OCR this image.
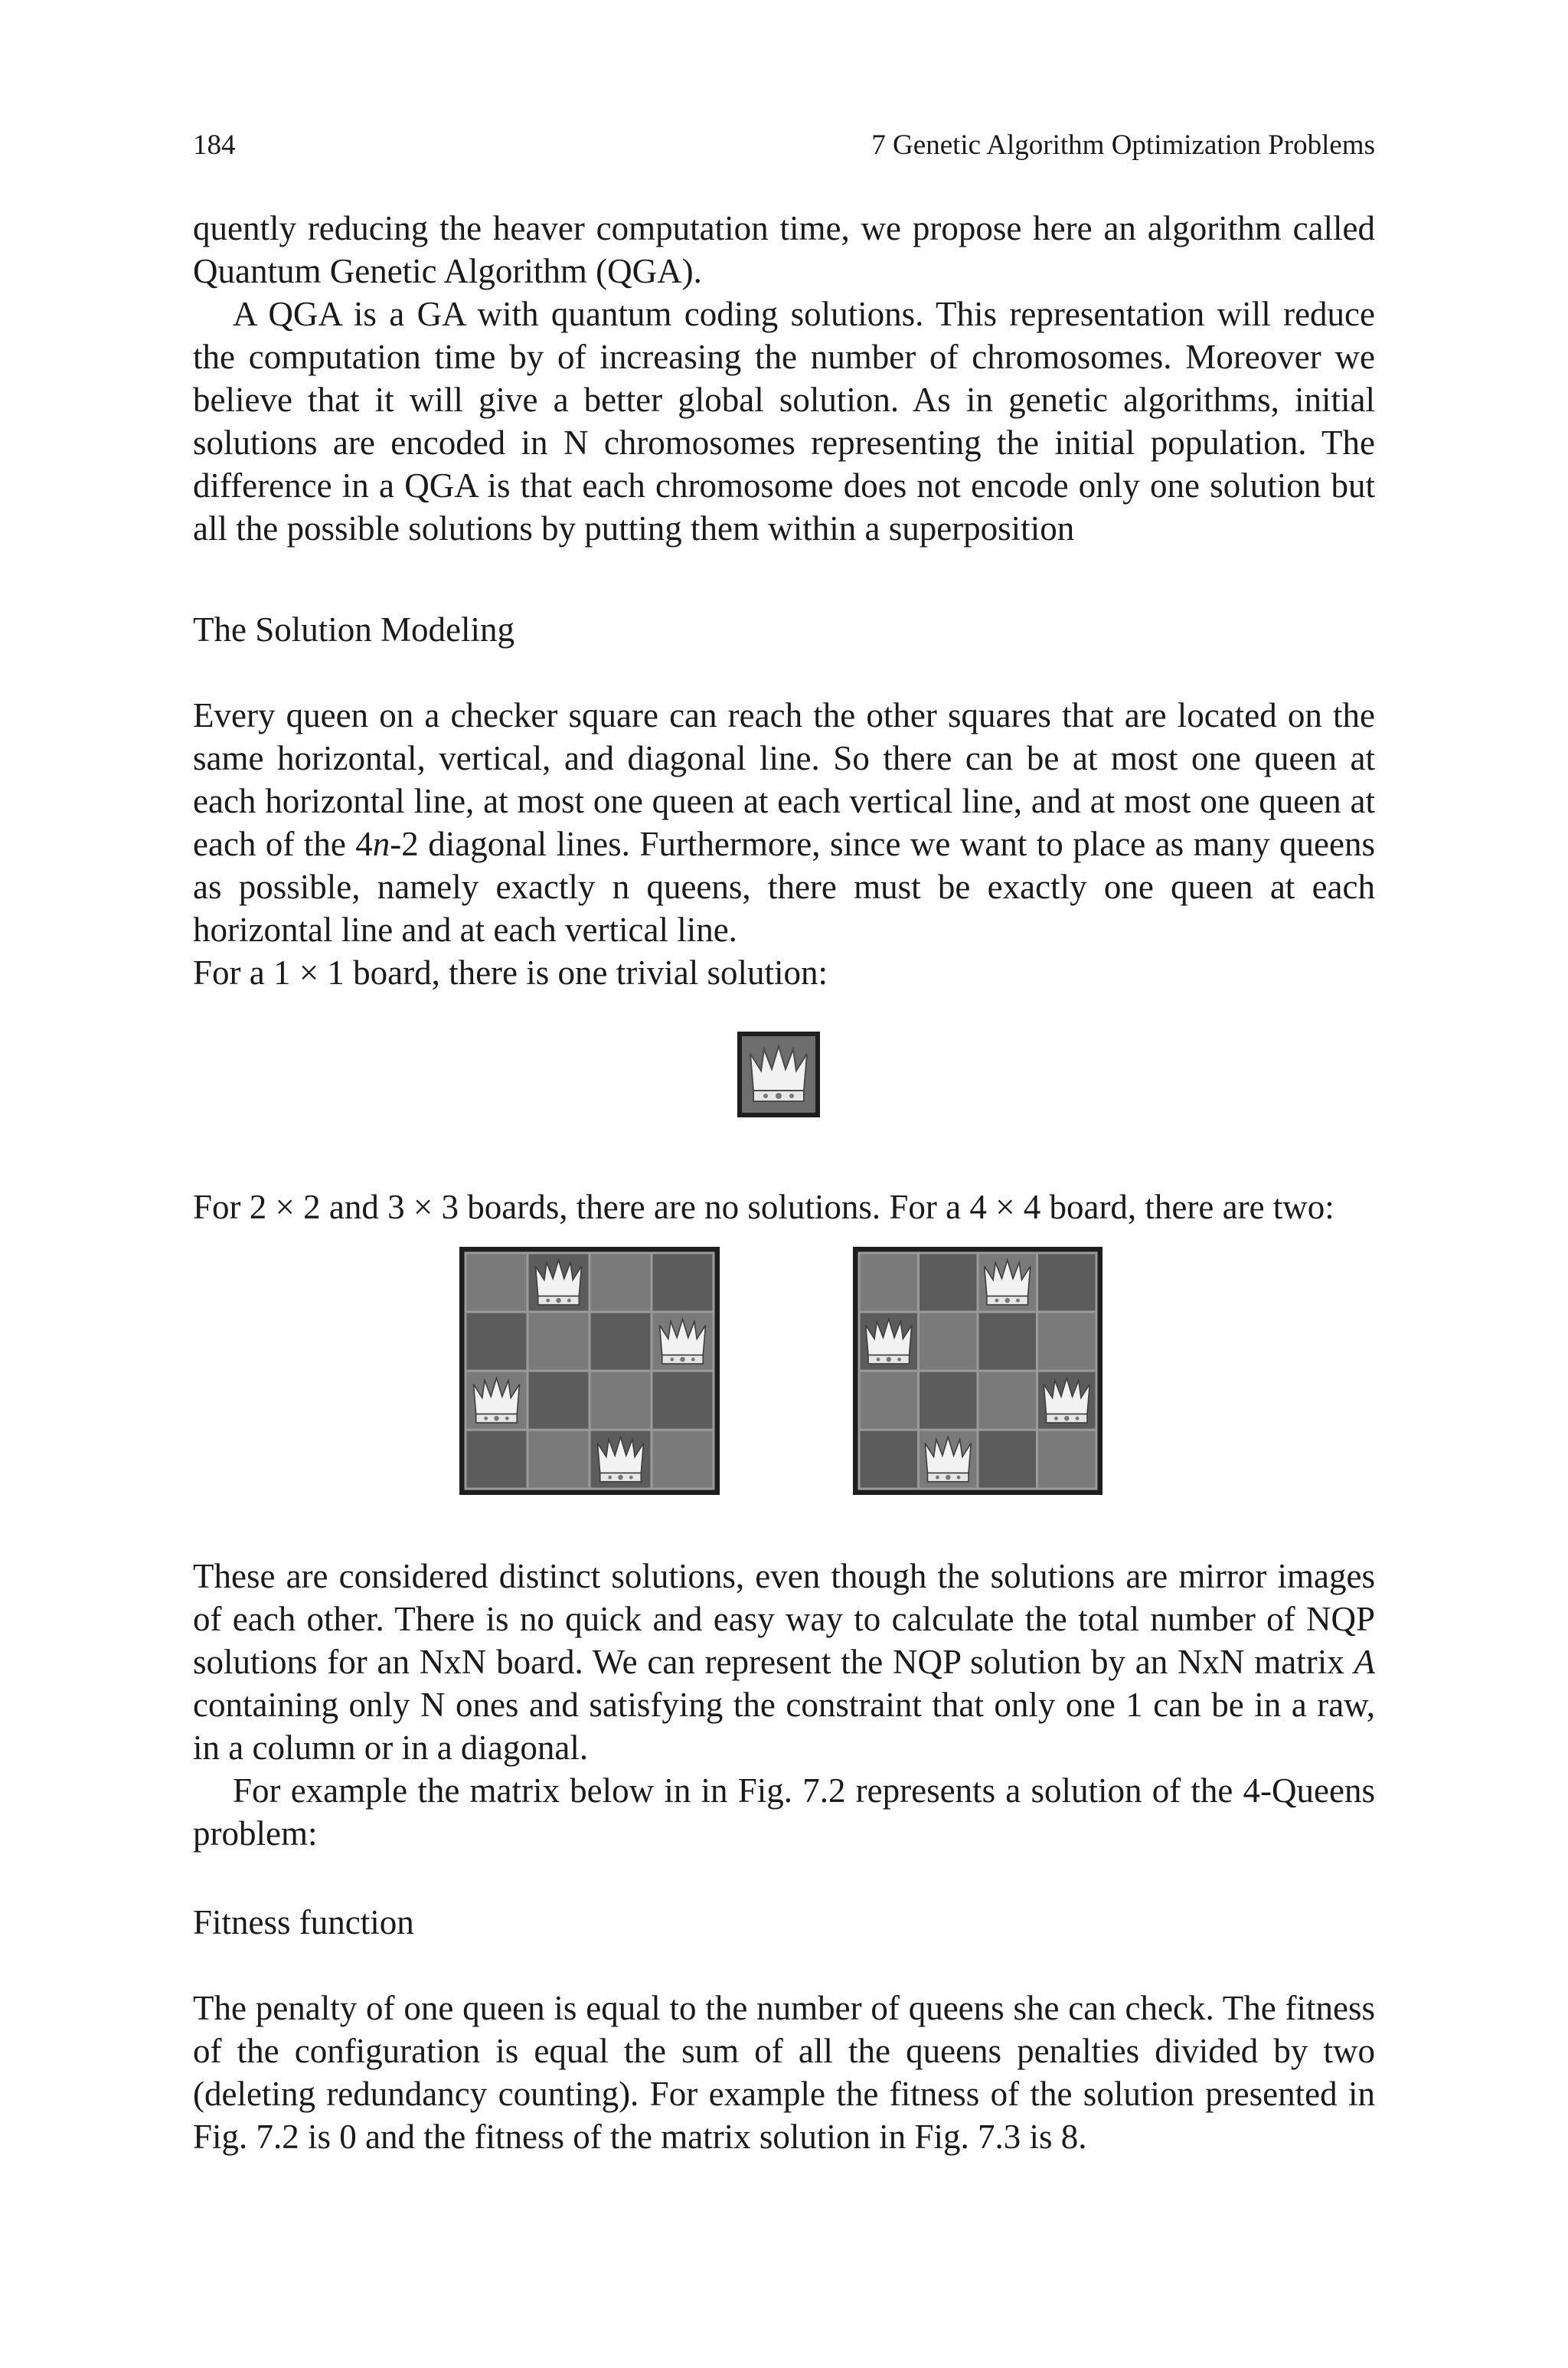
184	7 Genetic Algorithm Optimization Problems

quently reducing the heaver computation time, we propose here an algorithm called Quantum Genetic Algorithm (QGA).

A QGA is a GA with quantum coding solutions. This representation will reduce the computation time by of increasing the number of chromosomes. Moreover we believe that it will give a better global solution. As in genetic algorithms, initial solutions are encoded in N chromosomes representing the initial population. The difference in a QGA is that each chromosome does not encode only one solution but all the possible solutions by putting them within a superposition

The Solution Modeling

Every queen on a checker square can reach the other squares that are located on the same horizontal, vertical, and diagonal line. So there can be at most one queen at each horizontal line, at most one queen at each vertical line, and at most one queen at each of the 4n-2 diagonal lines. Furthermore, since we want to place as many queens as possible, namely exactly n queens, there must be exactly one queen at each horizontal line and at each vertical line.

For a 1 × 1 board, there is one trivial solution:

For 2 × 2 and 3 × 3 boards, there are no solutions. For a 4 × 4 board, there are two:

These are considered distinct solutions, even though the solutions are mirror images of each other. There is no quick and easy way to calculate the total number of NQP solutions for an NxN board. We can represent the NQP solution by an NxN matrix A containing only N ones and satisfying the constraint that only one 1 can be in a raw, in a column or in a diagonal.

For example the matrix below in in Fig. 7.2 represents a solution of the 4-Queens problem:

Fitness function

The penalty of one queen is equal to the number of queens she can check. The fitness of the configuration is equal the sum of all the queens penalties divided by two (deleting redundancy counting). For example the fitness of the solution presented in Fig. 7.2 is 0 and the fitness of the matrix solution in Fig. 7.3 is 8.
